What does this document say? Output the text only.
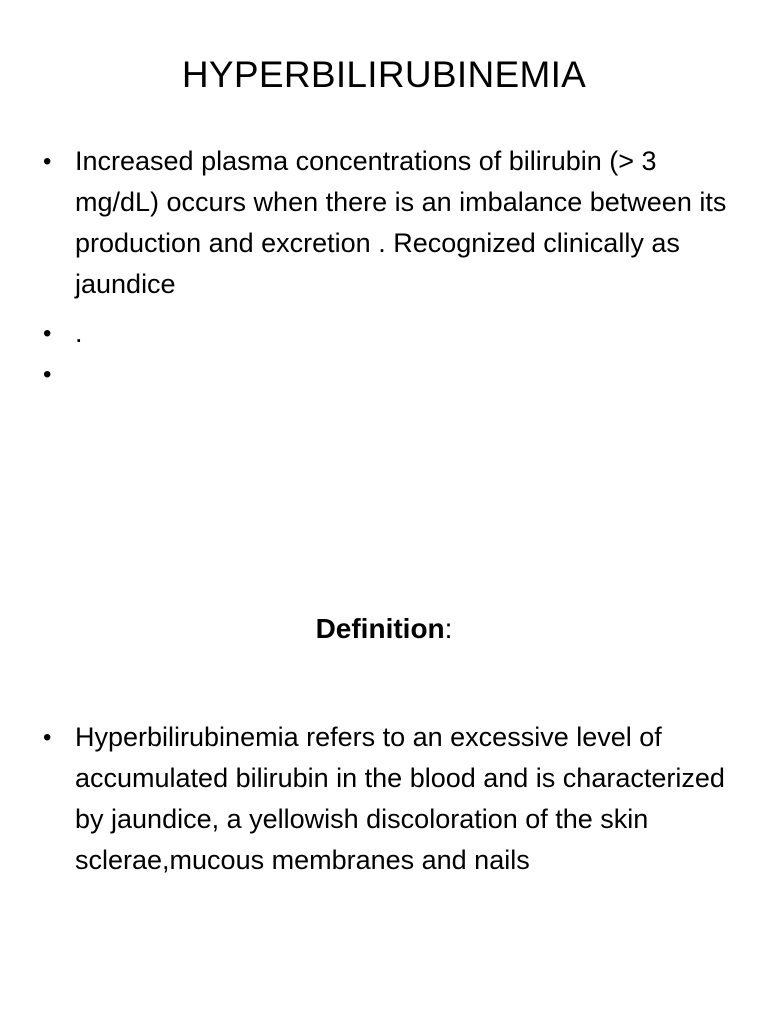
HYPERBILIRUBINEMIA
• Increased plasma concentrations of bilirubin (> 3 mg/dL) occurs when there is an imbalance between its production and excretion . Recognized clinically as jaundice
• .
•
Definition:
• Hyperbilirubinemia refers to an excessive level of accumulated bilirubin in the blood and is characterized by jaundice, a yellowish discoloration of the skin sclerae,mucous membranes and nails
